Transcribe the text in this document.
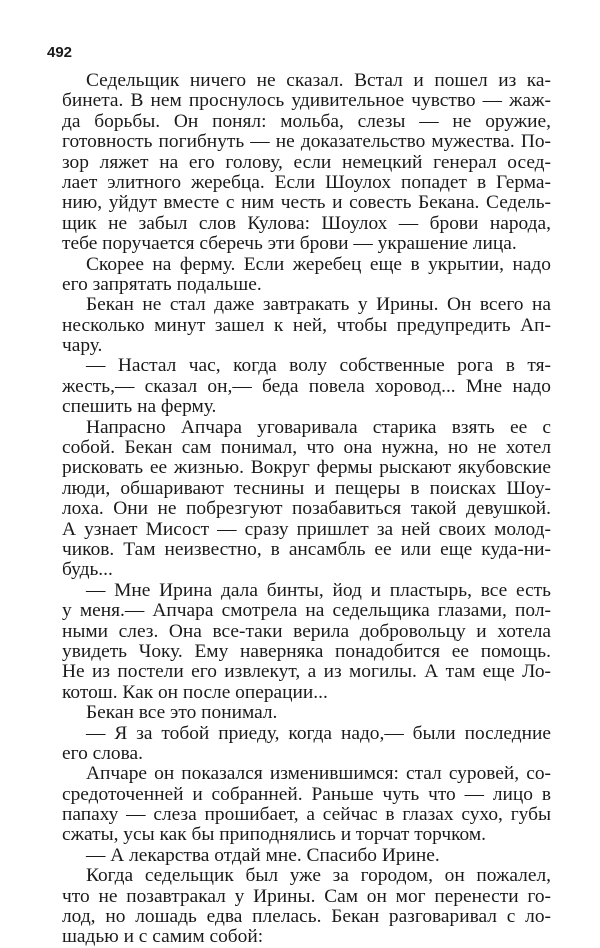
492
Седельщик ничего не сказал. Встал и пошел из ка-
бинета. В нем проснулось удивительное чувство — жаж-
да борьбы. Он понял: мольба, слезы — не оружие,
готовность погибнуть — не доказательство мужества. По-
зор ляжет на его голову, если немецкий генерал осед-
лает элитного жеребца. Если Шоулох попадет в Герма-
нию, уйдут вместе с ним честь и совесть Бекана. Седель-
щик не забыл слов Кулова: Шоулох — брови народа,
тебе поручается сберечь эти брови — украшение лица.
Скорее на ферму. Если жеребец еще в укрытии, надо
его запрятать подальше.
Бекан не стал даже завтракать у Ирины. Он всего на
несколько минут зашел к ней, чтобы предупредить Ап-
чару.
— Настал час, когда волу собственные рога в тя-
жесть,— сказал он,— беда повела хоровод... Мне надо
спешить на ферму.
Напрасно Апчара уговаривала старика взять ее с
собой. Бекан сам понимал, что она нужна, но не хотел
рисковать ее жизнью. Вокруг фермы рыскают якубовские
люди, обшаривают теснины и пещеры в поисках Шоу-
лоха. Они не побрезгуют позабавиться такой девушкой.
А узнает Мисост — сразу пришлет за ней своих молод-
чиков. Там неизвестно, в ансамбль ее или еще куда-ни-
будь...
— Мне Ирина дала бинты, йод и пластырь, все есть
у меня.— Апчара смотрела на седельщика глазами, пол-
ными слез. Она все-таки верила добровольцу и хотела
увидеть Чоку. Ему наверняка понадобится ее помощь.
Не из постели его извлекут, а из могилы. А там еще Ло-
котош. Как он после операции...
Бекан все это понимал.
— Я за тобой приеду, когда надо,— были последние
его слова.
Апчаре он показался изменившимся: стал суровей, со-
средоточенней и собранней. Раньше чуть что — лицо в
папаху — слеза прошибает, а сейчас в глазах сухо, губы
сжаты, усы как бы приподнялись и торчат торчком.
— А лекарства отдай мне. Спасибо Ирине.
Когда седельщик был уже за городом, он пожалел,
что не позавтракал у Ирины. Сам он мог перенести го-
лод, но лошадь едва плелась. Бекан разговаривал с ло-
шадью и с самим собой:
